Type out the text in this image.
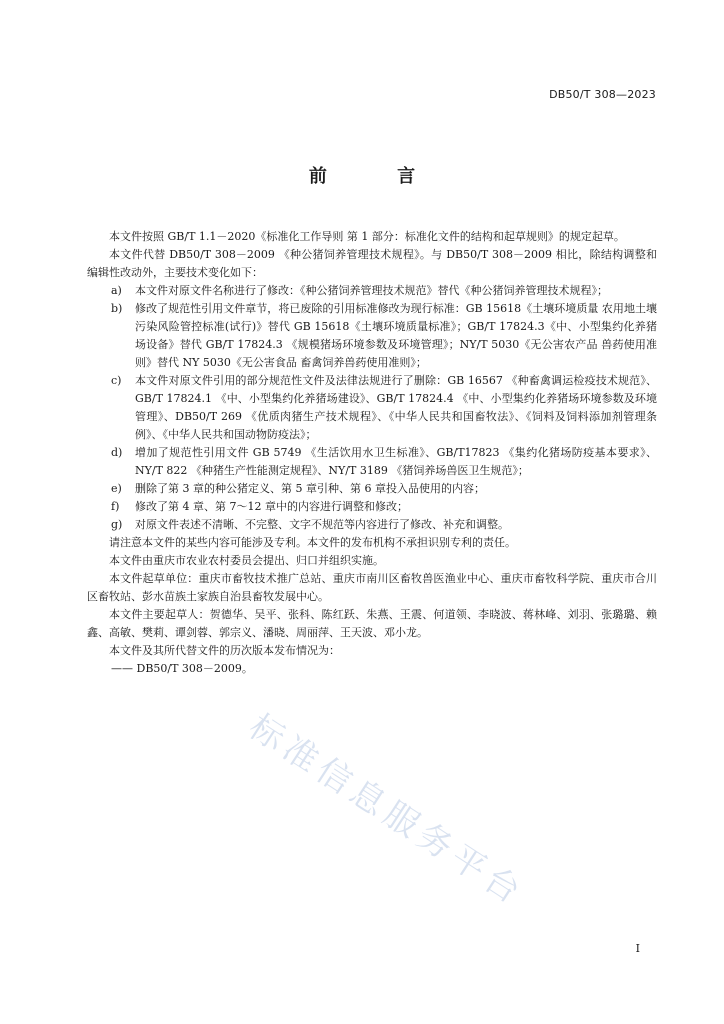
DB50/T 308—2023
前 言

本文件按照 GB/T 1.1－2020《标准化工作导则 第 1 部分：标准化文件的结构和起草规则》的规定起草。

本文件代替 DB50/T 308－2009 《种公猪饲养管理技术规程》。与 DB50/T 308－2009 相比，除结构调整和编辑性改动外，主要技术变化如下：

a)	本文件对原文件名称进行了修改：《种公猪饲养管理技术规范》替代《种公猪饲养管理技术规程》；
b)	修改了规范性引用文件章节，将已废除的引用标准修改为现行标准：GB 15618《土壤环境质量 农用地土壤污染风险管控标准(试行)》替代 GB 15618《土壤环境质量标准》；GB/T 17824.3《中、小型集约化养猪场设备》替代 GB/T 17824.3 《规模猪场环境参数及环境管理》；NY/T 5030《无公害农产品 兽药使用准则》替代 NY 5030《无公害食品 畜禽饲养兽药使用准则》；
c)	本文件对原文件引用的部分规范性文件及法律法规进行了删除：GB 16567 《种畜禽调运检疫技术规范》、GB/T 17824.1 《中、小型集约化养猪场建设》、GB/T 17824.4 《中、小型集约化养猪场环境参数及环境管理》、DB50/T 269 《优质肉猪生产技术规程》、《中华人民共和国畜牧法》、《饲料及饲料添加剂管理条例》、《中华人民共和国动物防疫法》；
d)	增加了规范性引用文件 GB 5749 《生活饮用水卫生标准》、GB/T17823 《集约化猪场防疫基本要求》、NY/T 822 《种猪生产性能测定规程》、NY/T 3189 《猪饲养场兽医卫生规范》；
e)	删除了第 3 章的种公猪定义、第 5 章引种、第 6 章投入品使用的内容；
f)	修改了第 4 章、第 7～12 章中的内容进行调整和修改；
g)	对原文件表述不清晰、不完整、文字不规范等内容进行了修改、补充和调整。

请注意本文件的某些内容可能涉及专利。本文件的发布机构不承担识别专利的责任。

本文件由重庆市农业农村委员会提出、归口并组织实施。

本文件起草单位：重庆市畜牧技术推广总站、重庆市南川区畜牧兽医渔业中心、重庆市畜牧科学院、重庆市合川区畜牧站、彭水苗族土家族自治县畜牧发展中心。

本文件主要起草人：贺德华、吴平、张科、陈红跃、朱燕、王震、何道领、李晓波、蒋林峰、刘羽、张璐璐、赖鑫、高敏、樊莉、谭剑蓉、郭宗义、潘晓、周丽萍、王天波、邓小龙。

本文件及其所代替文件的历次版本发布情况为：

—— DB50/T 308－2009。

标准信息服务平台
I
